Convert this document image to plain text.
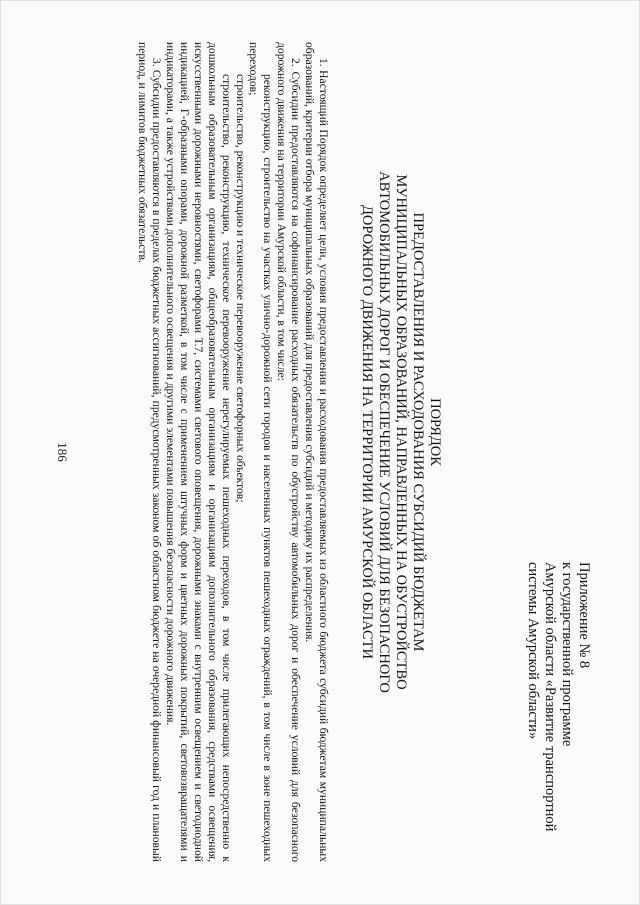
186
Приложение № 8
к государственной программе
Амурской области «Развитие транспортной
системы Амурской области»
ПОРЯДОК
ПРЕДОСТАВЛЕНИЯ И РАСХОДОВАНИЯ СУБСИДИЙ БЮДЖЕТАМ
МУНИЦИПАЛЬНЫХ ОБРАЗОВАНИЙ, НАПРАВЛЕННЫХ НА ОБУСТРОЙСТВО
АВТОМОБИЛЬНЫХ ДОРОГ И ОБЕСПЕЧЕНИЕ УСЛОВИЙ ДЛЯ БЕЗОПАСНОГО
ДОРОЖНОГО ДВИЖЕНИЯ НА ТЕРРИТОРИИ АМУРСКОЙ ОБЛАСТИ

1. Настоящий Порядок определяет цели, условия предоставления и расходования предоставляемых из областного бюджета субсидий бюджетам муниципальных образований, критерии отбора муниципальных образований для предоставления субсидий и методику их распределения.

2. Субсидии предоставляются на софинансирование расходных обязательств по обустройству автомобильных дорог и обеспечение условий для безопасного дорожного движения на территории Амурской области, в том числе:

реконструкцию, строительство на участках улично-дорожной сети городов и населенных пунктов пешеходных ограждений, в том числе в зоне пешеходных переходов;

строительство, реконструкцию и техническое перевооружение светофорных объектов;

строительство, реконструкцию, техническое перевооружение нерегулируемых пешеходных переходов, в том числе прилегающих непосредственно к дошкольным образовательным организациям, общеобразовательным организациям и организациям дополнительного образования, средствами освещения, искусственными дорожными неровностями, светофорами Т.7, системами светового оповещения, дорожными знаками с внутренним освещением и светодиодной индикацией, Г-образными опорами, дорожной разметкой, в том числе с применением штучных форм и цветных дорожных покрытий, световозвращателями и индикаторами, а также устройствами дополнительного освещения и другими элементами повышения безопасности дорожного движения.

3. Субсидии предоставляются в пределах бюджетных ассигнований, предусмотренных законом об областном бюджете на очередной финансовый год и плановый период, и лимитов бюджетных обязательств.
